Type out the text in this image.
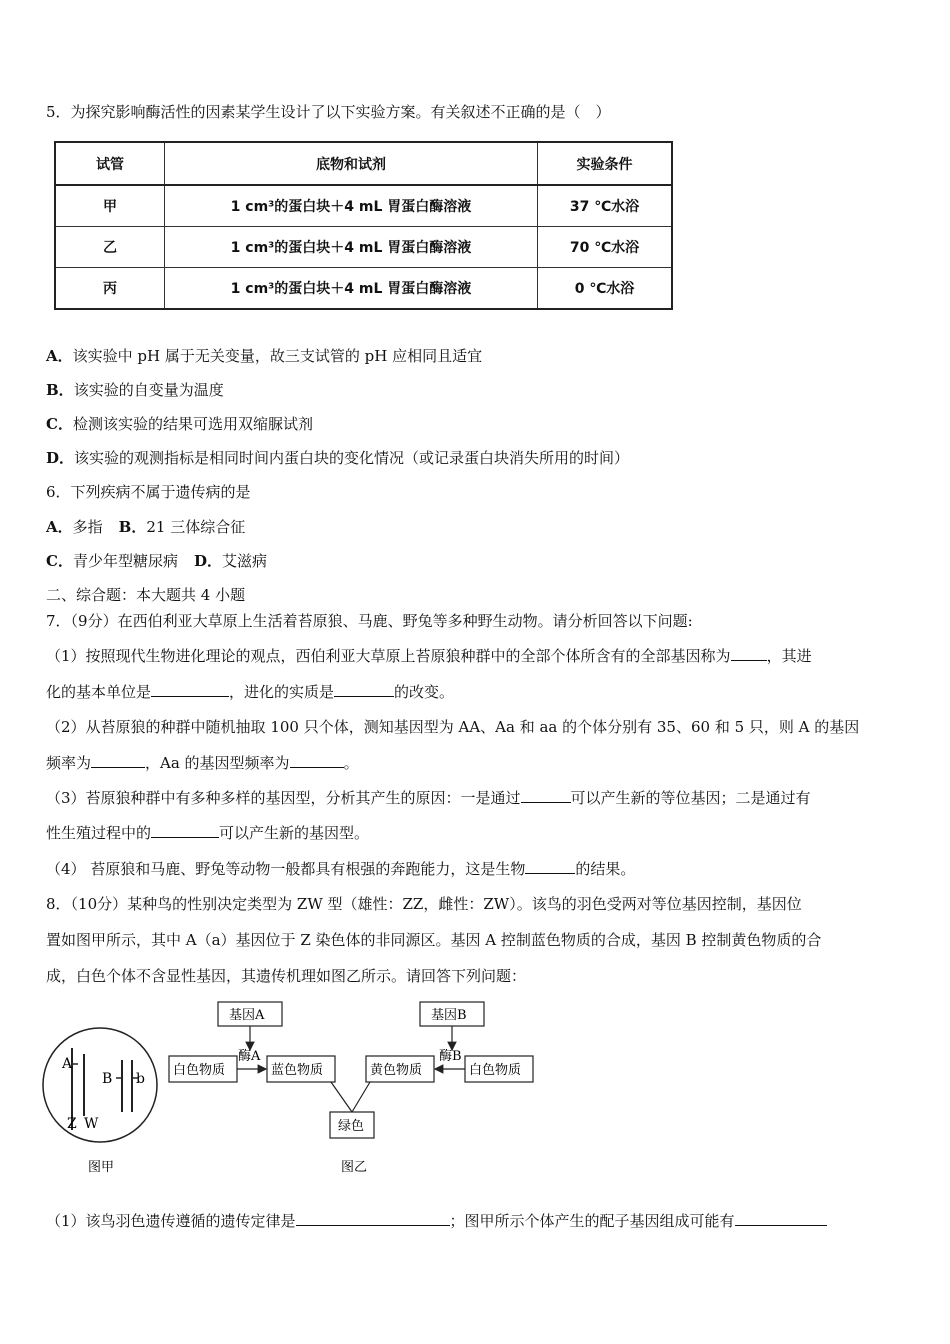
5．为探究影响酶活性的因素某学生设计了以下实验方案。有关叙述不正确的是（　）
试管	底物和试剂	实验条件
甲	1 cm³的蛋白块＋4 mL 胃蛋白酶溶液	37 ℃水浴
乙	1 cm³的蛋白块＋4 mL 胃蛋白酶溶液	70 ℃水浴
丙	1 cm³的蛋白块＋4 mL 胃蛋白酶溶液	0 ℃水浴
A．该实验中 pH 属于无关变量，故三支试管的 pH 应相同且适宜
B．该实验的自变量为温度
C．检测该实验的结果可选用双缩脲试剂
D．该实验的观测指标是相同时间内蛋白块的变化情况（或记录蛋白块消失所用的时间）
6．下列疾病不属于遗传病的是
A．多指 B．21 三体综合征
C．青少年型糖尿病 D．艾滋病
二、综合题：本大题共 4 小题
7．（9分）在西伯利亚大草原上生活着苔原狼、马鹿、野兔等多种野生动物。请分析回答以下问题:
（1）按照现代生物进化理论的观点，西伯利亚大草原上苔原狼种群中的全部个体所含有的全部基因称为 ，其进
化的基本单位是	，进化的实质是	的改变。
（2）从苔原狼的种群中随机抽取 100 只个体，测知基因型为 AA、Aa 和 aa 的个体分别有 35、60 和 5 只，则 A 的基因
频率为	，Aa 的基因型频率为	。
（3）苔原狼种群中有多种多样的基因型，分析其产生的原因：一是通过	可以产生新的等位基因；二是通过有
性生殖过程中的	可以产生新的基因型。
（4） 苔原狼和马鹿、野兔等动物一般都具有根强的奔跑能力，这是生物	的结果。
8．（10分）某种鸟的性别决定类型为 ZW 型（雄性：ZZ，雌性：ZW）。该鸟的羽色受两对等位基因控制，基因位
置如图甲所示，其中 A（a）基因位于 Z 染色体的非同源区。基因 A 控制蓝色物质的合成，基因 B 控制黄色物质的合
成，白色个体不含显性基因，其遗传机理如图乙所示。请回答下列问题：
A
B b
Z W
图甲
基因A	基因B
酶A	酶B
白色物质	蓝色物质	黄色物质	白色物质
绿色
图乙
（1）该鸟羽色遗传遵循的遗传定律是	；图甲所示个体产生的配子基因组成可能有
